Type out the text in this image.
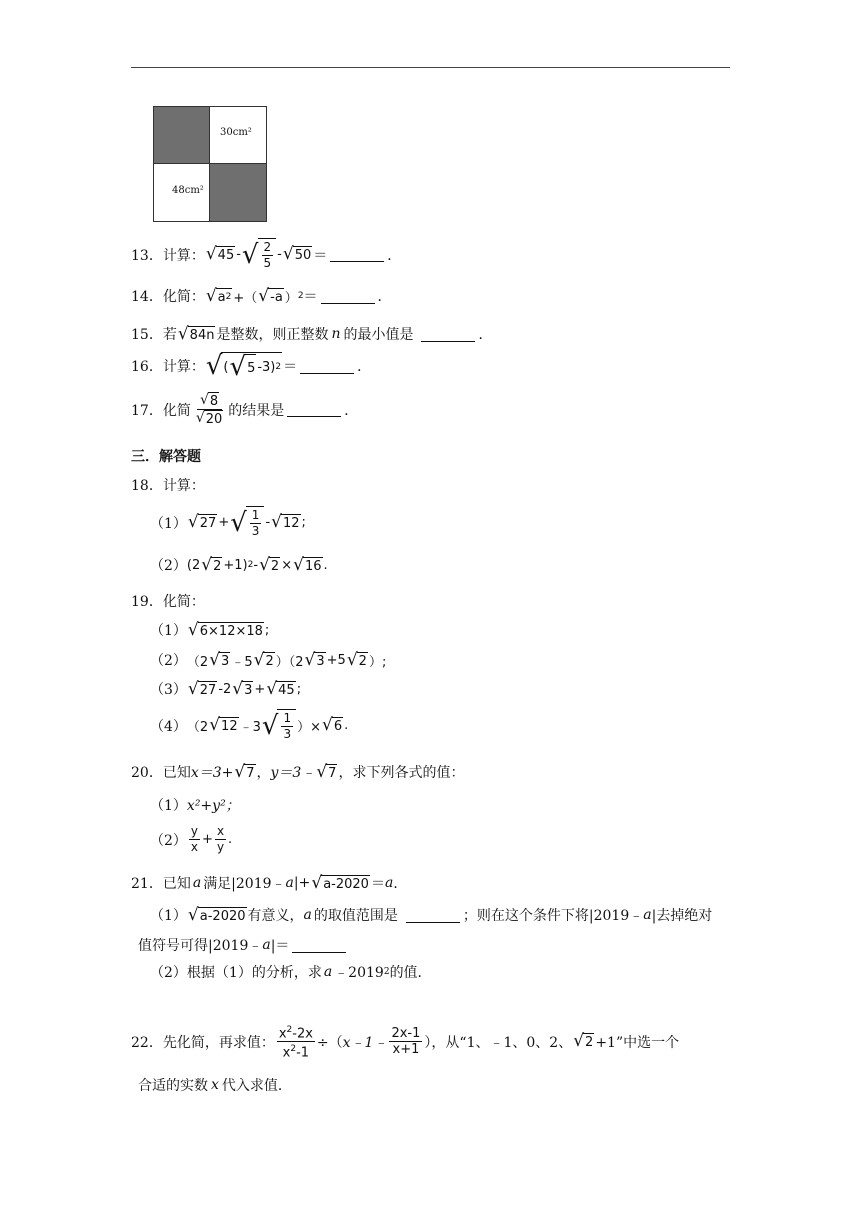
30cm²
48cm²
13． 计算： √ 45 - √ $\frac{2}{5}$ - √ 50 ＝	．
14． 化简： √ a 2 +（ √ -a ） 2 ＝	．
15． 若 √ 84n 是整数，则正整数 n 的最小值是	．
16． 计算： √ ( √ 5 -3) 2 ＝	．
17． 化简 $\frac{√ 8}{√ 20}$ 的结果是	．
三．解答题
18． 计算：
（1） √ 27 + √ $\frac{1}{3}$ - √ 12 ;
（2） (2 √ 2 +1) 2 - √ 2 × √ 16 .
19． 化简：
（1） √ 6×12×18 ;
（2） （2 √ 3 ﹣5 √ 2 ）（2 √ 3 +5 √ 2 ）;
（3） √ 27 -2 √ 3 + √ 45 ;
（4） （2 √ 12 ﹣3 √ $\frac{1}{3}$ ）× √ 6 .
20． 已知 x＝3+ √ 7 ， y＝3﹣ √ 7 ，求下列各式的值：
（1） x²+y²；
$(2) \frac{y}{x} + \frac{x}{y}$ .
21． 已知 a 满足|2019﹣ a |+ √ a-2020 ＝ a ．
（1） √ a-2020 有意义， a 的取值范围是	；则在这个条件下将|2019﹣ a |去掉绝对
值符号可得|2019﹣ a |＝
（2）根据（1）的分析，求 a ﹣2019 2 的值．
22． 先化简，再求值： $\frac{x^2-2x}{x^2-1}$ ÷（ x﹣1﹣ $\frac{2x-1}{x+1}$ ），从“1、﹣1、0、2、 √ 2 +1”中选一个
合适的实数 x 代入求值．
